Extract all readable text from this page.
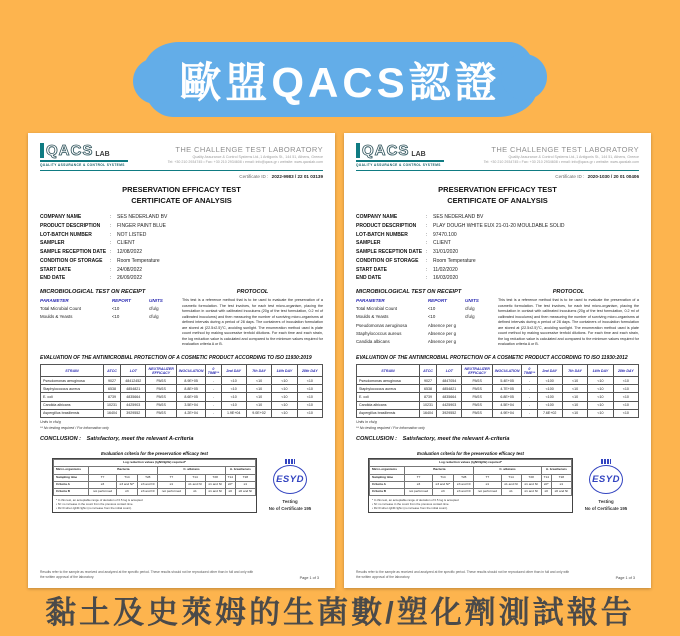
歐盟QACS認證
QACS LAB
QUALITY ASSURANCE & CONTROL SYSTEMS
THE CHALLENGE TEST LABORATORY
Quality Assurance & Control Systems Ltd.,1 Antigonis St., 144 51, Athens, Greece
Tel: +30 210 2934745 • Fax: +30 210 2934608 • email: info@qacs.gr • website: www.qacslab.com
Certificate ID : 2022-9983 / 22 01 03139
PRESERVATION EFFICACY TEST
CERTIFICATE OF ANALYSIS
COMPANY NAME	:	SES NEDERLAND BV
PRODUCT DESCRIPTION	:	FINGER PAINT BLUE
LOT-BATCH NUMBER	:	NOT LISTED
SAMPLER	:	CLIENT
SAMPLE RECEPTION DATE :	12/08/2022
CONDITION OF STORAGE	:	Room Temperature
START DATE	:	24/08/2022
END DATE	:	26/09/2022
MICROBIOLOGICAL TEST ON RECEIPT
PARAMETER	REPORT	UNITS
Total Microbial Count	<10	cfu/g
Moulds & Yeasts	<10	cfu/g
PROTOCOL
This test is a reference method that is to be used to evaluate the preservation of a cosmetic formulation. The test involves, for each test micro-organism, placing the formulation in contact with calibrated inoculums (20g of the test formulation, 0.2 ml of calibrated inoculums) and then measuring the number of surviving micro-organisms at defined intervals during a period of 28 days. The containers of inoculation formulation are stored at (22.5±2.5)°C, avoiding sunlight. The enumeration method used is plate count method by making successive tenfold dilutions. For each time and each strain, the log reduction value is calculated and compared to the minimum values required for evaluation criteria A or B.
EVALUATION OF THE ANTIMICROBIAL PROTECTION OF A COSMETIC PRODUCT ACCORDING TO ISO 11930:2019
STRAIN	ATCC	LOT	NEUTRALIZER EFFICACY	INOCULATION	0 TIME**	2nd DAY	7th DAY	14th DAY	28th DAY
Pseudomonas aeruginosa	9027	48412452	PASS	8.9E+05	-	<10	<10	<10	<10
Staphylococcus aureus	6538	4854821	PASS	8.8E+05	-	<10	<10	<10	<10
E. coli	8739	4835664	PASS	8.6E+05	-	<10	<10	<10	<10
Candida albicans	10231	4425903	PASS	3.5E+04	-	<10	<10	<10	<10
Aspergillus brasiliensis	16404	3929552	PASS	4.2E+04	-	1.9E+04	9.0E+02	<10	<10
Units in cfu/g
** No testing required / For information only
CONCLUSION : Satisfactory, meet the relevant A-criteria
Evaluation criteria for the preservation efficacy test
Log reduction values (lgN0/lgNx) required*								
Micro-organisms	Bacteria			C. albicans			A. brasiliensis	
Sampling time	T7	T14	T28	T7	T14	T28	T14	T28
Criteria A	≥3	≥3 and NI*	≥3 and NI	≥1	≥1 and NI	≥1 and NI	≥0*	≥1
Criteria B	not performed	≥3	≥3 and NI	not performed	≥1	≥1 and NI	≥0	≥0 and NI
* In this test, an acceptable range of deviation of 0.5 log is accepted
• NI: no increase in the count from the previous contact time.
• Rx=0 when lgN0<lgNx (no increase from the initial count).
ESYD
Testing
No of Certificate 195
Results refer to the sample as received and analyzed at the specific period. These results should not be reproduced other than in full and only with the written approval of the laboratory.	Page 1 of 3
QACS LAB
QUALITY ASSURANCE & CONTROL SYSTEMS
THE CHALLENGE TEST LABORATORY
Quality Assurance & Control Systems Ltd.,1 Antigonis St., 144 51, Athens, Greece
Tel: +30 210 2934745 • Fax: +30 210 2934608 • email: info@qacs.gr • website: www.qacslab.com
Certificate ID : 2020-1030 / 20 01 00406
PRESERVATION EFFICACY TEST
CERTIFICATE OF ANALYSIS
COMPANY NAME	:	SES NEDERLAND BV
PRODUCT DESCRIPTION	:	PLAY DOUGH WHITE EUX 21-01-20 MOULDABLE SOLID
LOT-BATCH NUMBER	:	97470.100
SAMPLER	:	CLIENT
SAMPLE RECEPTION DATE :	31/01/2020
CONDITION OF STORAGE	:	Room Temperature
START DATE	:	11/02/2020
END DATE	:	16/03/2020
MICROBIOLOGICAL TEST ON RECEIPT
PARAMETER	REPORT	UNITS
Total Microbial Count	<10	cfu/g
Moulds & Yeasts	<10	cfu/g
Pseudomonas aeruginosa	Absence per g
Staphylococcus aureus	Absence per g
Candida albicans	Absence per g
PROTOCOL
This test is a reference method that is to be used to evaluate the preservation of a cosmetic formulation. The test involves, for each test micro-organism, placing the formulation in contact with calibrated inoculums (20g of the test formulation, 0.2 ml of calibrated inoculums) and then measuring the number of surviving micro-organisms at defined intervals during a period of 28 days. The containers of inoculation formulation are stored at (22.5±2.5)°C, avoiding sunlight. The enumeration method used is plate count method by making successive tenfold dilutions. For each time and each strain, the log reduction value is calculated and compared to the minimum values required for evaluation criteria A or B.
EVALUATION OF THE ANTIMICROBIAL PROTECTION OF A COSMETIC PRODUCT ACCORDING TO ISO 11930:2012
STRAIN	ATCC	LOT	NEUTRALIZER EFFICACY	INOCULATION	0 TIME**	2nd DAY	7th DAY	14th DAY	28th DAY
Pseudomonas aeruginosa	9027	4847054	PASS	5.4E+05	-	<100	<10	<10	<10
Staphylococcus aureus	6538	4854821	PASS	4.7E+05	-	<100	<10	<10	<10
E. coli	8739	4835664	PASS	6.8E+05	-	<100	<10	<10	<10
Candida albicans	10231	4425903	PASS	4.5E+04	-	<100	<10	<10	<10
Aspergillus brasiliensis	16404	3929552	PASS	4.9E+04	-	7.6E+02	<10	<10	<10
Units in cfu/g
** No testing required / For information only
CONCLUSION : Satisfactory, meet the relevant A-criteria
Evaluation criteria for the preservation efficacy test
Log reduction values (lgN0/lgNx) required*								
Micro-organisms	Bacteria			C. albicans			A. brasiliensis	
Sampling time	T7	T14	T28	T7	T14	T28	T14	T28
Criteria A	≥3	≥3 and NI*	≥3 and NI	≥1	≥1 and NI	≥1 and NI	≥0*	≥1
Criteria B	not performed	≥3	≥3 and NI	not performed	≥1	≥1 and NI	≥0	≥0 and NI
* In this test, an acceptable range of deviation of 0.5 log is accepted
• NI: no increase in the count from the previous contact time.
• Rx=0 when lgN0<lgNx (no increase from the initial count).
ESYD
Testing
No of Certificate 195
Results refer to the sample as received and analyzed at the specific period. These results should not be reproduced other than in full and only with the written approval of the laboratory.	Page 1 of 3
黏土及史萊姆的生菌數/塑化劑測試報告
